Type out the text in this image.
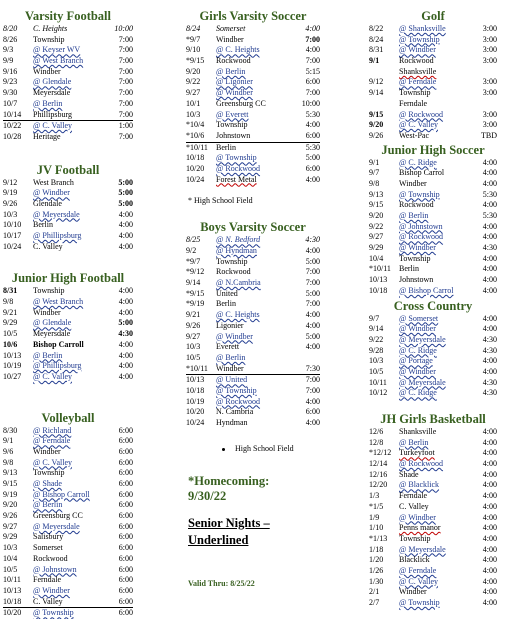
Varsity Football
8/20 C. Heights	10:00
8/26 Township	7:00
9/3 @ Keyser WV	7:00
9/9 @ West Branch	7:00
9/16 Windber	7:00
9/23 @ Glendale	7:00
9/30 Meyersdale	7:00
10/7 @ Berlin	7:00
10/14 Phillipsburg	7:00
10/22 @ C. Valley	1:00
10/28 Heritage	7:00
JV Football
9/12 West Branch	5:00
9/19 @ Windber	5:00
9/26 Glendale	5:00
10/3 @ Meyersdale	4:00
10/10 Berlin	4:00
10/17 @ Phillipsburg	4:00
10/24 C. Valley	4:00
Junior High Football
8/31 Township	4:00
9/8 @ West Branch	4:00
9/21 Windber	4:00
9/29 @ Glendale	5:00
10/5 Meyersdale	4:30
10/6 Bishop Carroll	4:00
10/13 @ Berlin	4:00
10/19 @ Phillipsburg	4:00
10/27 @ C. Valley	4:00
Volleyball
8/30 @ Richland	6:00
9/1 @ Ferndale	6:00
9/6 Windber	6:00
9/8 @ C. Valley	6:00
9/13 Township	6:00
9/15 @ Shade	6:00
9/19 @ Bishop Carroll	6:00
9/20 @ Berlin	6:00
9/26 Greensburg CC	6:00
9/27 @ Meyersdale	6:00
9/29 Salisbury	6:00
10/3 Somerset	6:00
10/4 Rockwood	6:00
10/5 @ Johnstown	6:00
10/11 Ferndale	6:00
10/13 @ Windber	6:00
10/18 C. Valley	6:00
10/20 @ Township	6:00
Girls Varsity Soccer
8/24 Somerset	4:00
*9/7 Windber	7:00
9/10 @ C. Heights	4:00
*9/15 Rockwood	7:00
9/20 @ Berlin	5:15
9/22 @ Ligonier	6:00
9/27 @ Windber	7:00
10/1 Greensburg CC	10:00
10/3 @ Everett	5:30
*10/4 Township	4:00
*10/6 Johnstown	6:00
*10/11 Berlin	5:30
10/18 @ Township	5:00
10/20 @ Rockwood	6:00
10/24 Forest Metal	4:00
* High School Field
Boys Varsity Soccer
8/25 @ N. Bedford	4:30
9/2 @ Hyndman	4:00
*9/7 Township	5:00
*9/12 Rockwood	7:00
9/14 @ N.Cambria	7:00
*9/15 United	5:00
*9/19 Berlin	7:00
9/21 @ C. Heights	4:00
9/26 Ligonier	4:00
9/27 @ Windber	5:00
10/3 Everett	4:00
10/5 @ Berlin
*10/11 Windber	7:30
10/13 @ United	7:00
10/18 @ Township	7:00
10/19 @ Rockwood	4:00
10/20 N. Cambria	6:00
10/24 Hyndman	4:00
High School Field
*Homecoming: 9/30/22
Senior Nights – Underlined
Valid Thru: 8/25/22
Golf
8/22 @ Shanksville	3:00
8/24 @ Township	3:00
8/31 @ Windber	3:00
9/1 Rockwood	3:00
Shanksville
9/12 @ Ferndale	3:00
9/14 Township	3:00
Ferndale
9/15 @ Rockwood	3:00
9/20 @ C. Valley	3:00
9/26 West-Pac	TBD
Junior High Soccer
9/1 @ C. Ridge	4:00
9/7 Bishop Carrol	4:00
9/8 Windber	4:00
9/13 @ Township	5:30
9/15 Rockwood	4:00
9/20 @ Berlin	5:30
9/22 @ Johnstown	4:00
9/27 @ Rockwood	4:00
9/29 @ Windber	4:30
10/4 Township	4:00
*10/11 Berlin	4:00
10/13 Johnstown	4:00
10/18 @ Bishop Carrol	4:00
Cross Country
9/7 @ Somerset	4:00
9/14 @ Windber	4:00
9/22 @ Meyersdale	4:30
9/28 @ C. Ridge	4:30
10/3 @ Portage	4:00
10/5 @ Windber	4:00
10/11 @ Meyersdale	4:30
10/12 @ C. Ridge	4:30
JH Girls Basketball
12/6 Shanksville	4:00
12/8 @ Berlin	4:00
*12/12 Turkeyfoot	4:00
12/14 @ Rockwood	4:00
12/16 Shade	4:00
12/20 @ Blacklick	4:00
1/3 Ferndale	4:00
*1/5 C. Valley	4:00
1/9 @ Windber	4:00
1/10 Penns manor	4:00
*1/13 Township	4:00
1/18 @ Meyersdale	4:00
1/20 Blacklick	4:00
1/26 @ Ferndale	4:00
1/30 @ C. Valley	4:00
2/1 Windber	4:00
2/7 @ Township	4:00
